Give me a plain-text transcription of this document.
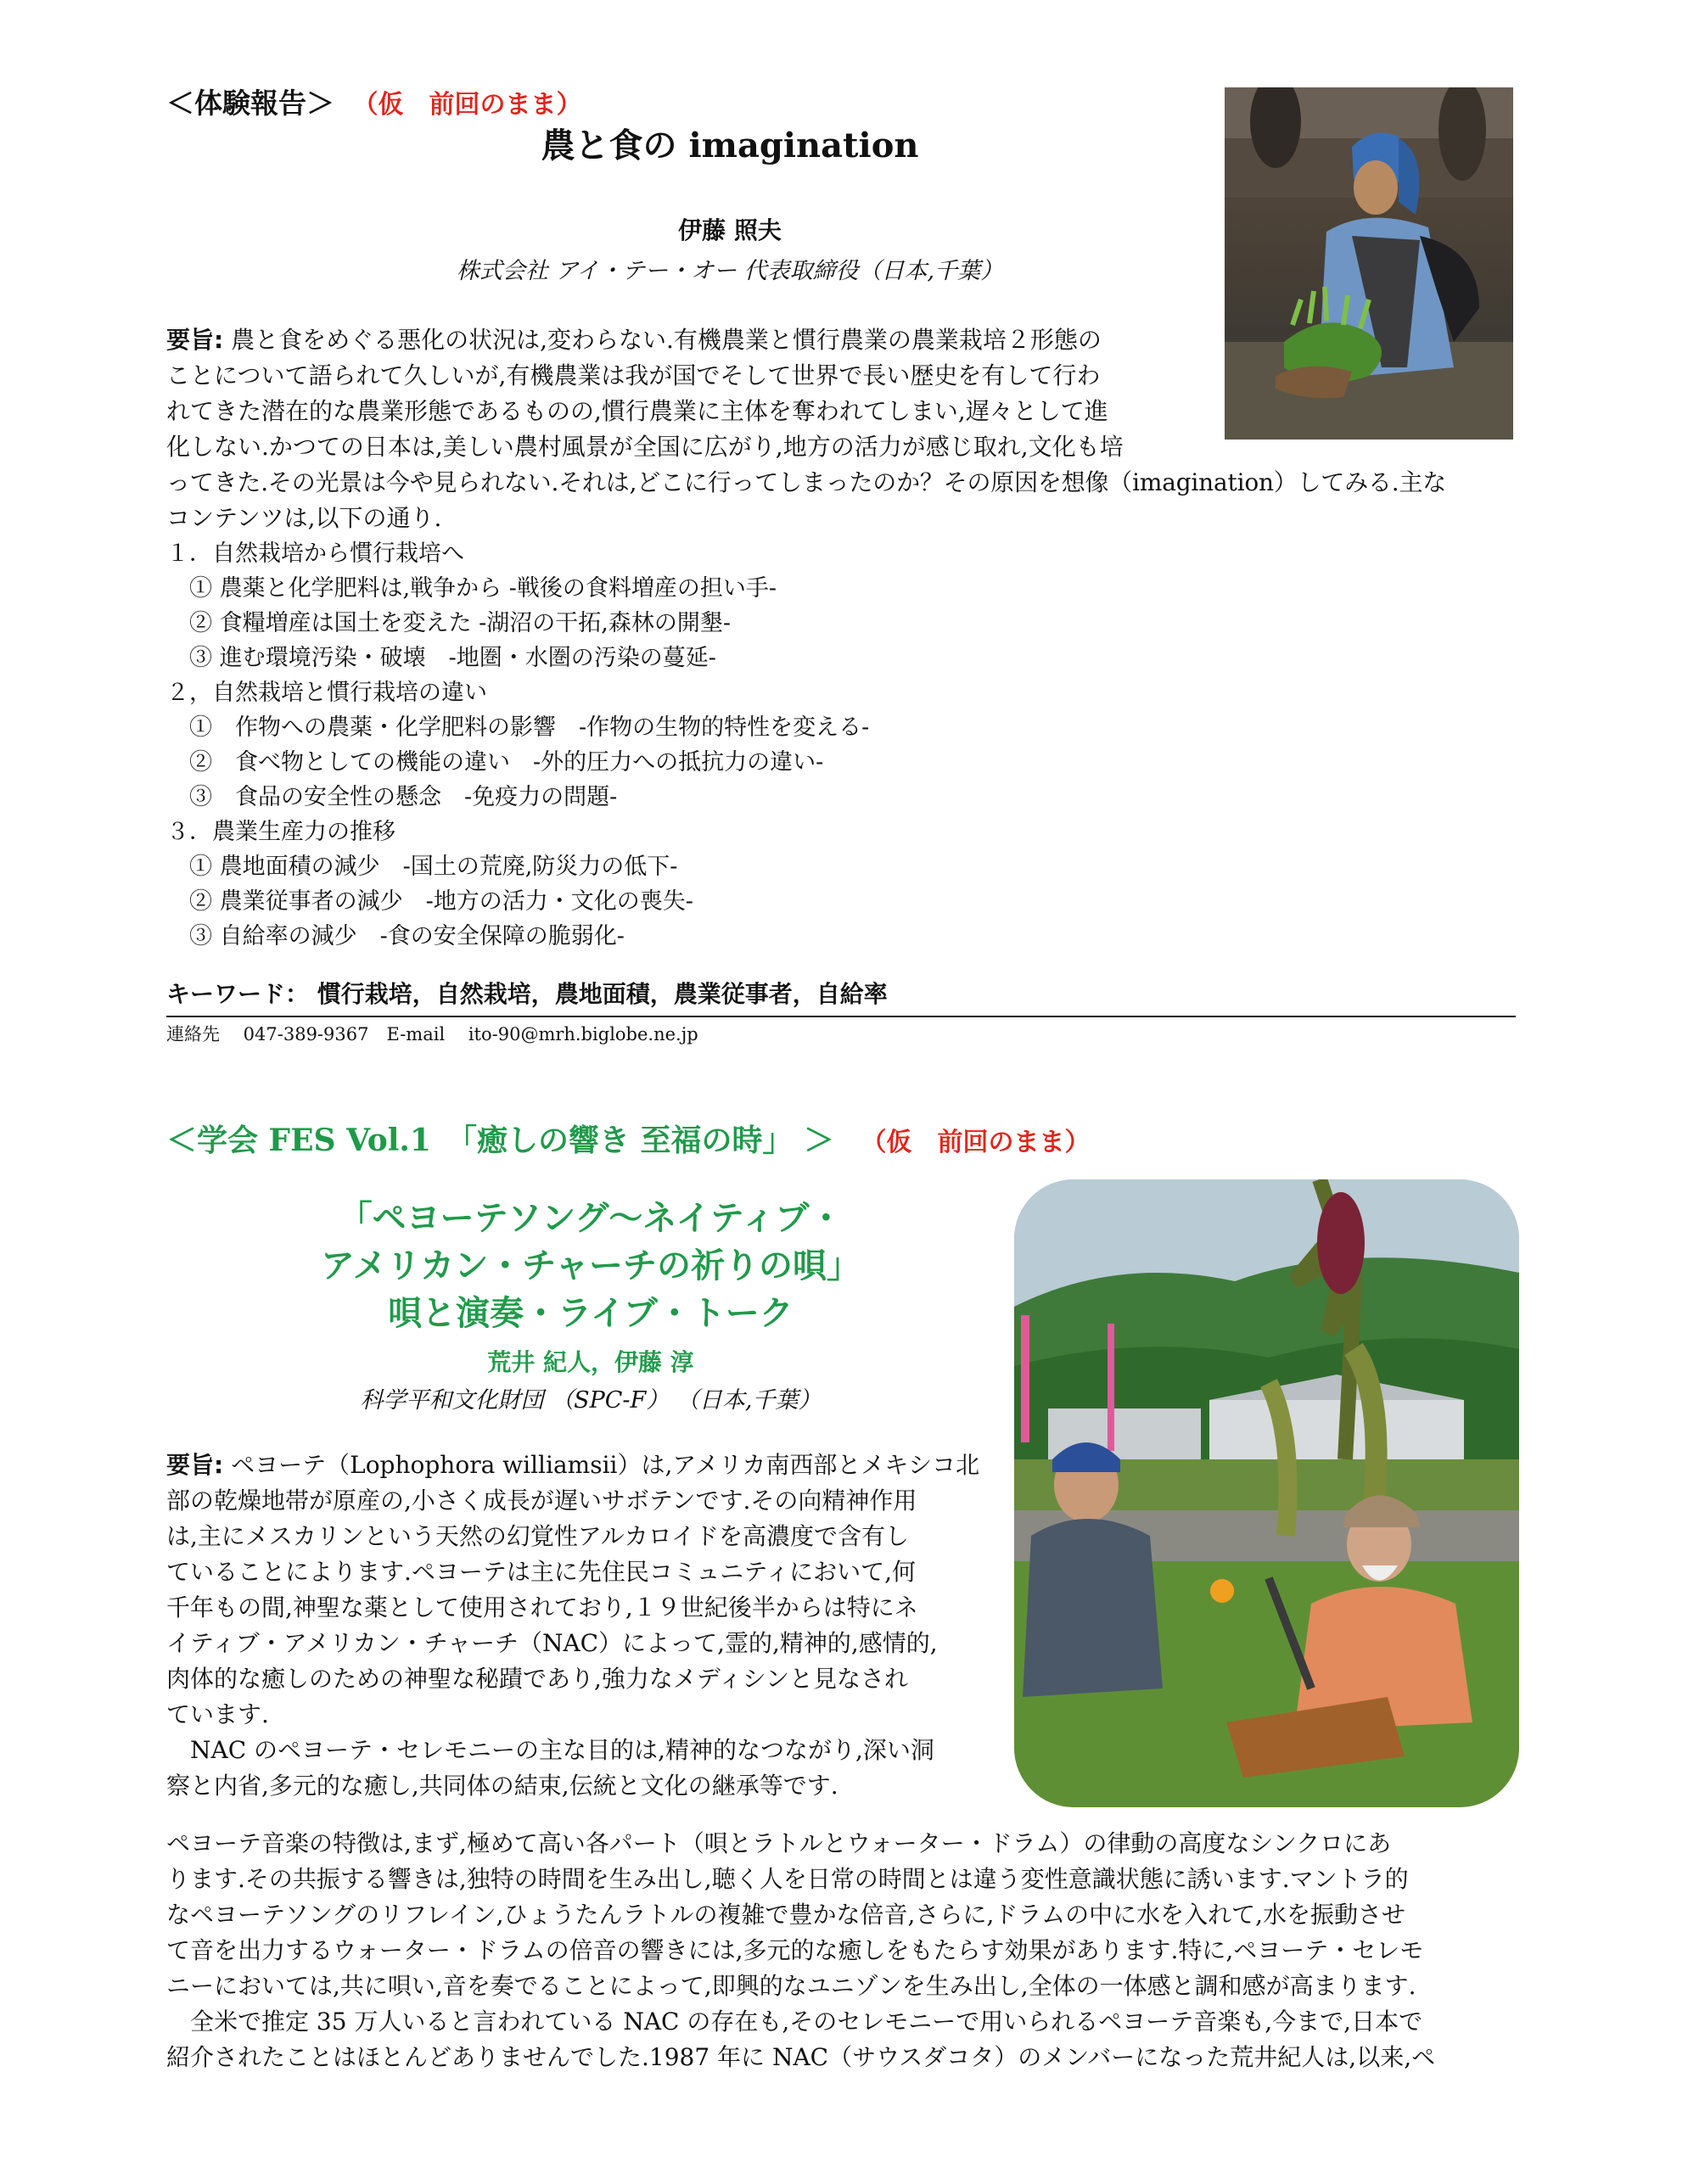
＜体験報告＞ （仮　前回のまま）
農と食の imagination
伊藤 照夫
株式会社 アイ・テー・オー 代表取締役（日本,千葉）

要旨: 農と食をめぐる悪化の状況は,変わらない.有機農業と慣行農業の農業栽培２形態の

ことについて語られて久しいが,有機農業は我が国でそして世界で長い歴史を有して行わ

れてきた潜在的な農業形態であるものの,慣行農業に主体を奪われてしまい,遅々として進

化しない.かつての日本は,美しい農村風景が全国に広がり,地方の活力が感じ取れ,文化も培

ってきた.その光景は今や見られない.それは,どこに行ってしまったのか？その原因を想像（imagination）してみる.主な

コンテンツは,以下の通り.

１．自然栽培から慣行栽培へ
　① 農薬と化学肥料は,戦争から -戦後の食料増産の担い手-
　② 食糧増産は国土を変えた -湖沼の干拓,森林の開墾-
　③ 進む環境汚染・破壊　-地圏・水圏の汚染の蔓延-
２，自然栽培と慣行栽培の違い
　①　作物への農薬・化学肥料の影響　-作物の生物的特性を変える-
　②　食べ物としての機能の違い　-外的圧力への抵抗力の違い-
　③　食品の安全性の懸念　-免疫力の問題-
３．農業生産力の推移
　① 農地面積の減少　-国土の荒廃,防災力の低下-
　② 農業従事者の減少　-地方の活力・文化の喪失-
　③ 自給率の減少　-食の安全保障の脆弱化-
キーワード： 慣行栽培，自然栽培，農地面積，農業従事者，自給率
連絡先　 047-389-9367　E-mail　 ito-90@mrh.biglobe.ne.jp
＜学会 FES Vol.1　「癒しの響き 至福の時」 ＞ （仮　前回のまま）
「ペヨーテソング〜ネイティブ・
アメリカン・チャーチの祈りの唄」
唄と演奏・ライブ・トーク
荒井 紀人，伊藤 淳
科学平和文化財団 （SPC-F） （日本,千葉）

要旨: ペヨーテ（Lophophora williamsii）は,アメリカ南西部とメキシコ北

部の乾燥地帯が原産の,小さく成長が遅いサボテンです.その向精神作用

は,主にメスカリンという天然の幻覚性アルカロイドを高濃度で含有し

ていることによります.ペヨーテは主に先住民コミュニティにおいて,何

千年もの間,神聖な薬として使用されており,１９世紀後半からは特にネ

イティブ・アメリカン・チャーチ（NAC）によって,霊的,精神的,感情的,

肉体的な癒しのための神聖な秘蹟であり,強力なメディシンと見なされ

ています.

　NAC のペヨーテ・セレモニーの主な目的は,精神的なつながり,深い洞

察と内省,多元的な癒し,共同体の結束,伝統と文化の継承等です.

ペヨーテ音楽の特徴は,まず,極めて高い各パート（唄とラトルとウォーター・ドラム）の律動の高度なシンクロにあ

ります.その共振する響きは,独特の時間を生み出し,聴く人を日常の時間とは違う変性意識状態に誘います.マントラ的

なペヨーテソングのリフレイン,ひょうたんラトルの複雑で豊かな倍音,さらに,ドラムの中に水を入れて,水を振動させ

て音を出力するウォーター・ドラムの倍音の響きには,多元的な癒しをもたらす効果があります.特に,ペヨーテ・セレモ

ニーにおいては,共に唄い,音を奏でることによって,即興的なユニゾンを生み出し,全体の一体感と調和感が高まります.

　全米で推定 35 万人いると言われている NAC の存在も,そのセレモニーで用いられるペヨーテ音楽も,今まで,日本で

紹介されたことはほとんどありませんでした.1987 年に NAC（サウスダコタ）のメンバーになった荒井紀人は,以来,ペ
